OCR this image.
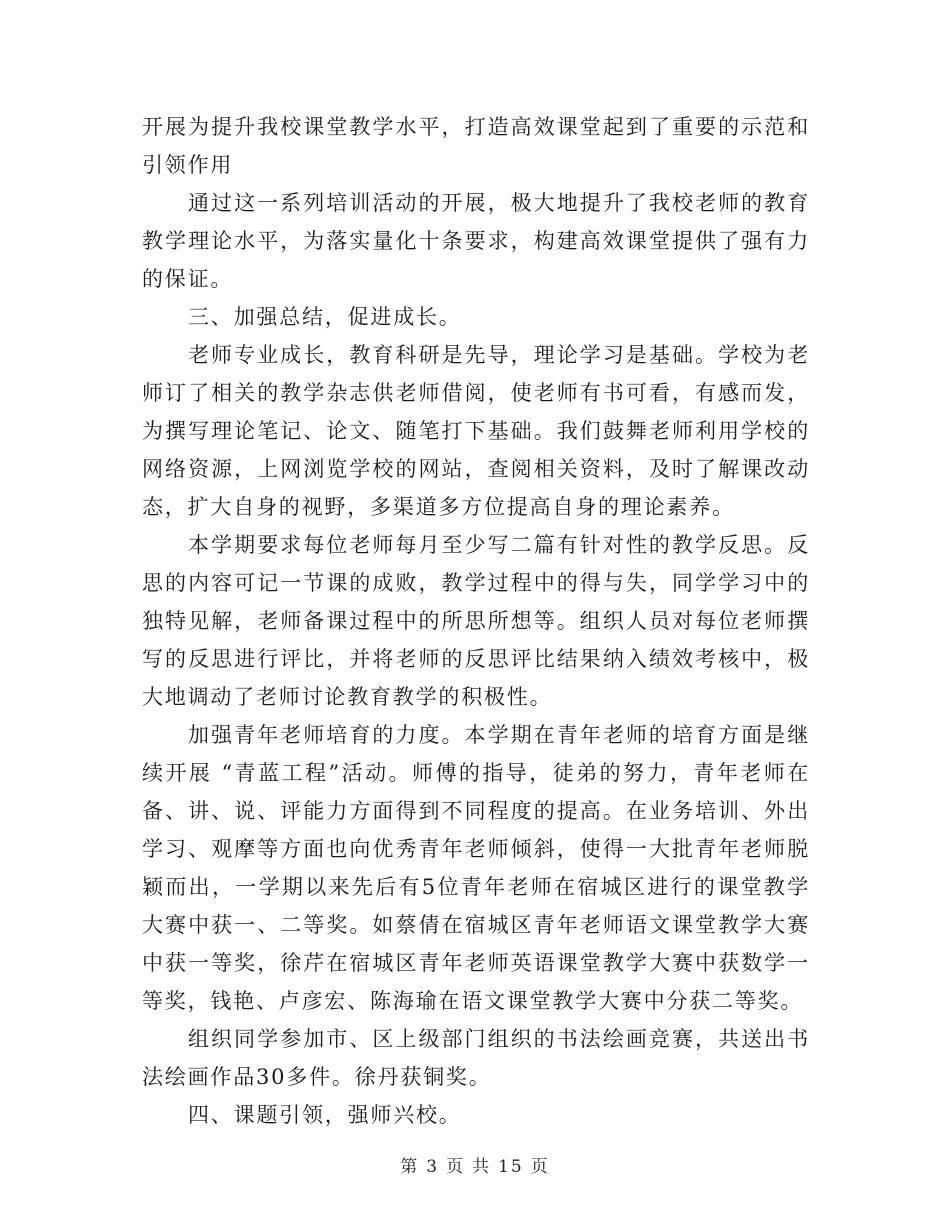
开展为提升我校课堂教学水平，打造高效课堂起到了重要的示范和引领作用

通过这一系列培训活动的开展，极大地提升了我校老师的教育教学理论水平，为落实量化十条要求，构建高效课堂提供了强有力的保证。

三、加强总结，促进成长。

老师专业成长，教育科研是先导，理论学习是基础。学校为老师订了相关的教学杂志供老师借阅，使老师有书可看，有感而发，为撰写理论笔记、论文、随笔打下基础。我们鼓舞老师利用学校的网络资源，上网浏览学校的网站，查阅相关资料，及时了解课改动态，扩大自身的视野，多渠道多方位提高自身的理论素养。

本学期要求每位老师每月至少写二篇有针对性的教学反思。反思的内容可记一节课的成败，教学过程中的得与失，同学学习中的独特见解，老师备课过程中的所思所想等。组织人员对每位老师撰写的反思进行评比，并将老师的反思评比结果纳入绩效考核中，极大地调动了老师讨论教育教学的积极性。

加强青年老师培育的力度。本学期在青年老师的培育方面是继续开展 “青蓝工程”活动。师傅的指导，徒弟的努力，青年老师在备、讲、说、评能力方面得到不同程度的提高。在业务培训、外出学习、观摩等方面也向优秀青年老师倾斜，使得一大批青年老师脱颖而出，一学期以来先后有5位青年老师在宿城区进行的课堂教学大赛中获一、二等奖。如蔡倩在宿城区青年老师语文课堂教学大赛中获一等奖，徐芹在宿城区青年老师英语课堂教学大赛中获数学一等奖，钱艳、卢彦宏、陈海瑜在语文课堂教学大赛中分获二等奖。

组织同学参加市、区上级部门组织的书法绘画竞赛，共送出书法绘画作品30多件。徐丹获铜奖。

四、课题引领，强师兴校。

第 3 页 共 15 页
